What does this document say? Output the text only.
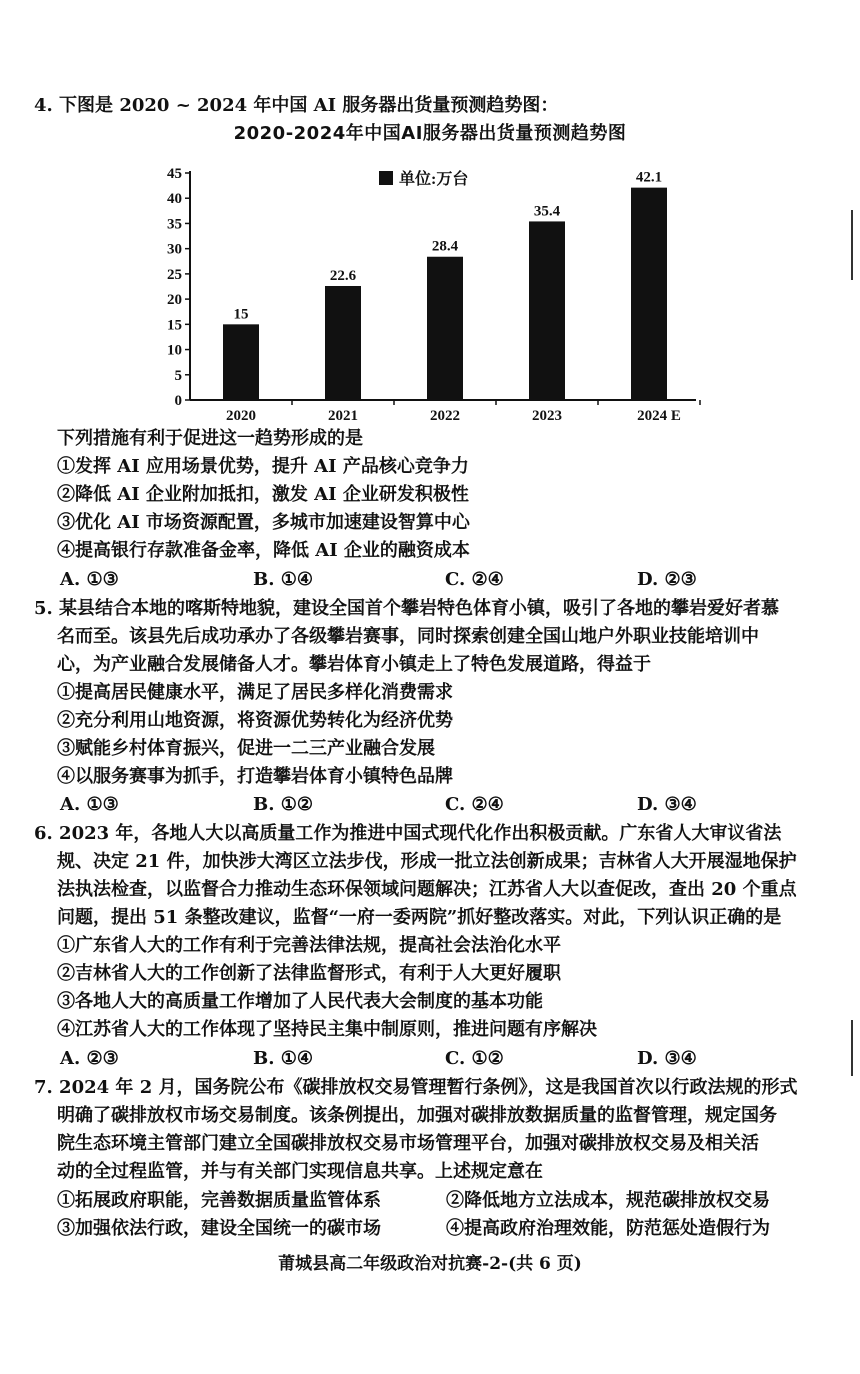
4. 下图是 2020 ~ 2024 年中国 AI 服务器出货量预测趋势图：
2020-2024年中国AI服务器出货量预测趋势图
0
5
10
15
20
25
30
35
40
45
15
2020
22.6
2021
28.4
2022
35.4
2023
42.1
2024 E
单位:万台
下列措施有利于促进这一趋势形成的是
①发挥 AI 应用场景优势，提升 AI 产品核心竞争力
②降低 AI 企业附加抵扣，激发 AI 企业研发积极性
③优化 AI 市场资源配置，多城市加速建设智算中心
④提高银行存款准备金率，降低 AI 企业的融资成本
A. ①③	B. ①④	C. ②④	D. ②③
5. 某县结合本地的喀斯特地貌，建设全国首个攀岩特色体育小镇，吸引了各地的攀岩爱好者慕
名而至。该县先后成功承办了各级攀岩赛事，同时探索创建全国山地户外职业技能培训中
心，为产业融合发展储备人才。攀岩体育小镇走上了特色发展道路，得益于
①提高居民健康水平，满足了居民多样化消费需求
②充分利用山地资源，将资源优势转化为经济优势
③赋能乡村体育振兴，促进一二三产业融合发展
④以服务赛事为抓手，打造攀岩体育小镇特色品牌
A. ①③	B. ①②	C. ②④	D. ③④
6. 2023 年，各地人大以高质量工作为推进中国式现代化作出积极贡献。广东省人大审议省法
规、决定 21 件，加快涉大湾区立法步伐，形成一批立法创新成果；吉林省人大开展湿地保护
法执法检查，以监督合力推动生态环保领域问题解决；江苏省人大以查促改，查出 20 个重点
问题，提出 51 条整改建议，监督“一府一委两院”抓好整改落实。对此，下列认识正确的是
①广东省人大的工作有利于完善法律法规，提高社会法治化水平
②吉林省人大的工作创新了法律监督形式，有利于人大更好履职
③各地人大的高质量工作增加了人民代表大会制度的基本功能
④江苏省人大的工作体现了坚持民主集中制原则，推进问题有序解决
A. ②③	B. ①④	C. ①②	D. ③④
7. 2024 年 2 月，国务院公布《碳排放权交易管理暂行条例》，这是我国首次以行政法规的形式
明确了碳排放权市场交易制度。该条例提出，加强对碳排放数据质量的监督管理，规定国务
院生态环境主管部门建立全国碳排放权交易市场管理平台，加强对碳排放权交易及相关活
动的全过程监管，并与有关部门实现信息共享。上述规定意在
①拓展政府职能，完善数据质量监管体系	②降低地方立法成本，规范碳排放权交易
③加强依法行政，建设全国统一的碳市场	④提高政府治理效能，防范惩处造假行为
莆城县高二年级政治对抗赛-2-(共 6 页)
